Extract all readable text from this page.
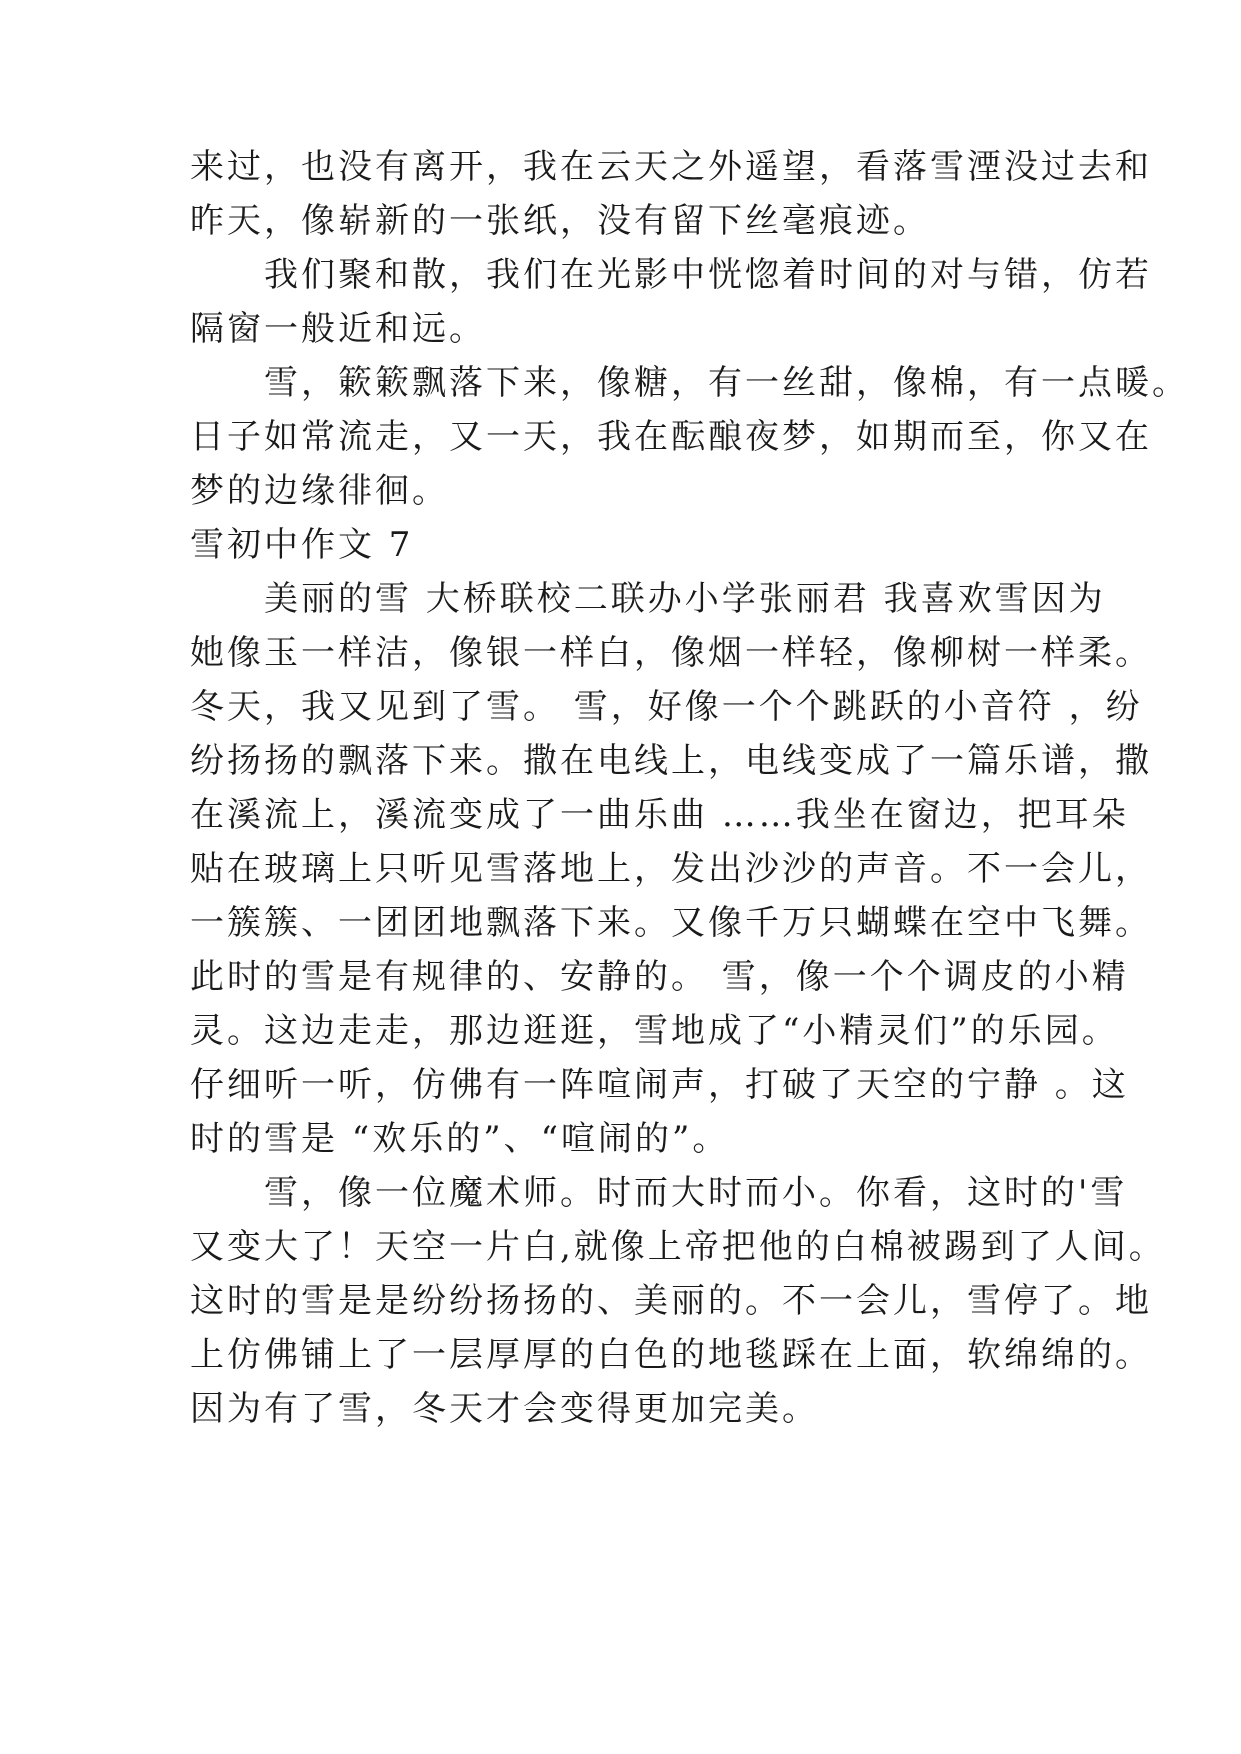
来过，也没有离开，我在云天之外遥望，看落雪湮没过去和
昨天，像崭新的一张纸，没有留下丝毫痕迹。
　　我们聚和散，我们在光影中恍惚着时间的对与错，仿若
隔窗一般近和远。
　　雪，簌簌飘落下来，像糖，有一丝甜，像棉，有一点暖。
日子如常流走，又一天，我在酝酿夜梦，如期而至，你又在
梦的边缘徘徊。
雪初中作文 7
　　美丽的雪 大桥联校二联办小学张丽君 我喜欢雪因为
她像玉一样洁，像银一样白，像烟一样轻，像柳树一样柔。
冬天，我又见到了雪。 雪，好像一个个跳跃的小音符 ，纷
纷扬扬的飘落下来。撒在电线上，电线变成了一篇乐谱，撒
在溪流上，溪流变成了一曲乐曲 ……我坐在窗边，把耳朵
贴在玻璃上只听见雪落地上，发出沙沙的声音。不一会儿，
一簇簇、一团团地飘落下来。又像千万只蝴蝶在空中飞舞。
此时的雪是有规律的、安静的。 雪，像一个个调皮的小精
灵。这边走走，那边逛逛，雪地成了“小精灵们”的乐园。
仔细听一听，仿佛有一阵喧闹声，打破了天空的宁静 。这
时的雪是 “欢乐的”、“喧闹的”。
　　雪，像一位魔术师。时而大时而小。你看，这时的'雪
又变大了！天空一片白,就像上帝把他的白棉被踢到了人间。
这时的雪是是纷纷扬扬的、美丽的。不一会儿，雪停了。地
上仿佛铺上了一层厚厚的白色的地毯踩在上面，软绵绵的。
因为有了雪，冬天才会变得更加完美。
